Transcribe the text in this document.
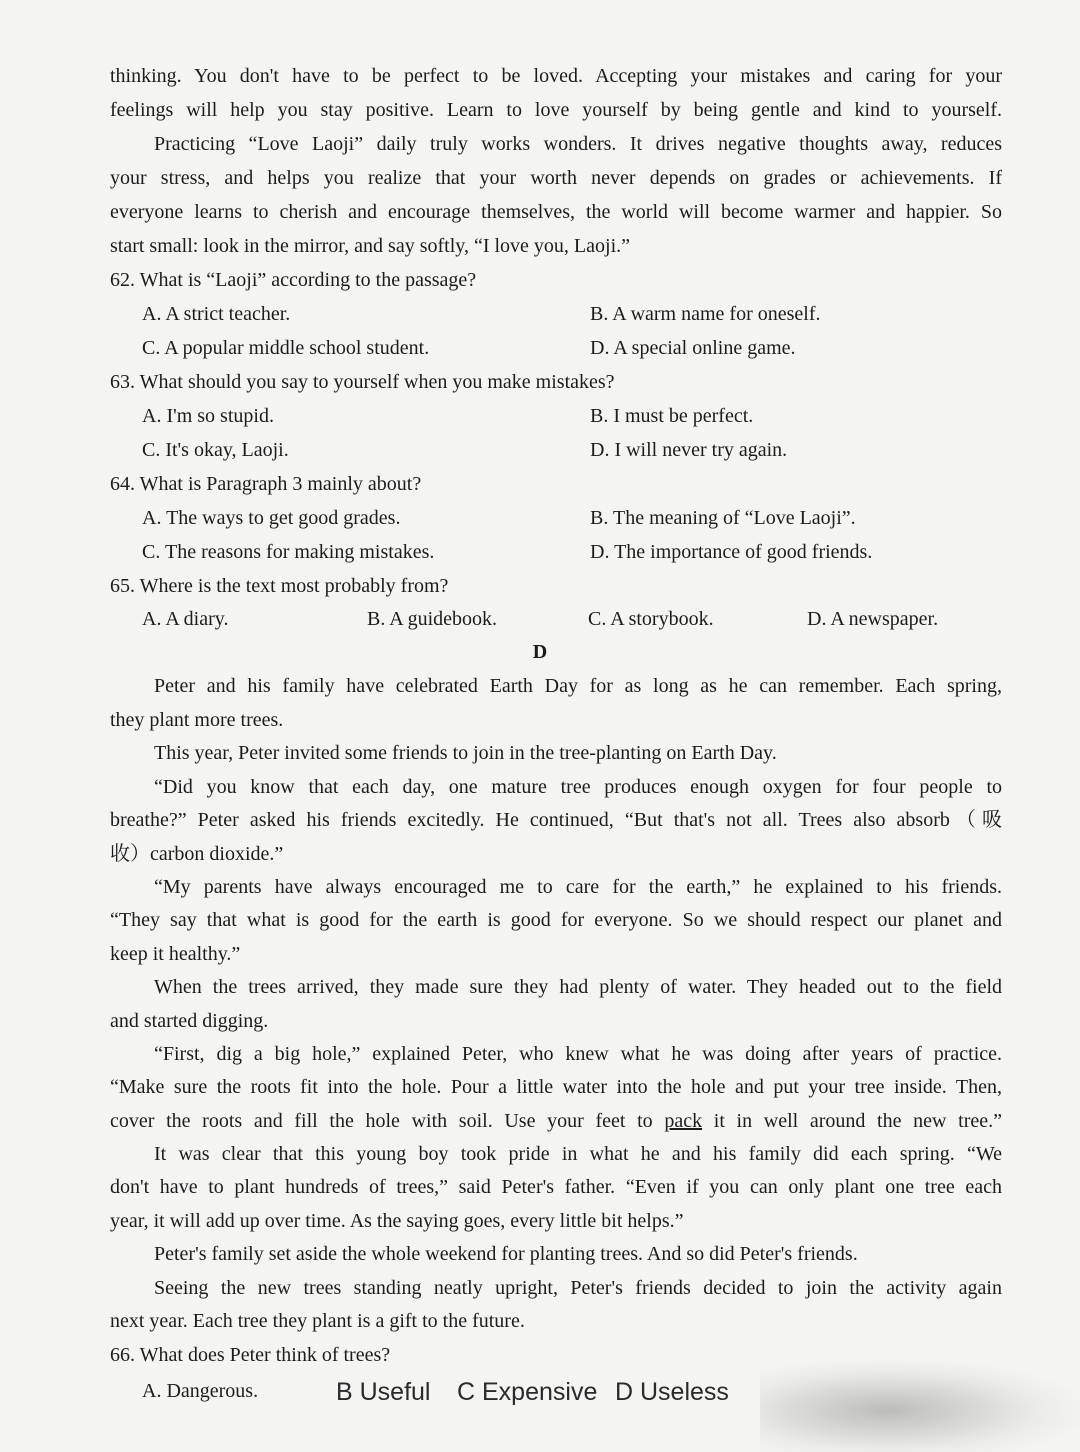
thinking. You don't have to be perfect to be loved. Accepting your mistakes and caring for your
feelings will help you stay positive. Learn to love yourself by being gentle and kind to yourself.
Practicing “Love Laoji” daily truly works wonders. It drives negative thoughts away, reduces
your stress, and helps you realize that your worth never depends on grades or achievements. If
everyone learns to cherish and encourage themselves, the world will become warmer and happier. So
start small: look in the mirror, and say softly, “I love you, Laoji.”
62. What is “Laoji” according to the passage?
A. A strict teacher.	B. A warm name for oneself.
C. A popular middle school student.	D. A special online game.
63. What should you say to yourself when you make mistakes?
A. I'm so stupid.	B. I must be perfect.
C. It's okay, Laoji.	D. I will never try again.
64. What is Paragraph 3 mainly about?
A. The ways to get good grades.	B. The meaning of “Love Laoji”.
C. The reasons for making mistakes.	D. The importance of good friends.
65. Where is the text most probably from?
A. A diary.	B. A guidebook.	C. A storybook.	D. A newspaper.
D
Peter and his family have celebrated Earth Day for as long as he can remember. Each spring,
they plant more trees.
This year, Peter invited some friends to join in the tree-planting on Earth Day.
“Did you know that each day, one mature tree produces enough oxygen for four people to
breathe?” Peter asked his friends excitedly. He continued, “But that's not all. Trees also absorb（吸
收）carbon dioxide.”
“My parents have always encouraged me to care for the earth,” he explained to his friends.
“They say that what is good for the earth is good for everyone. So we should respect our planet and
keep it healthy.”
When the trees arrived, they made sure they had plenty of water. They headed out to the field
and started digging.
“First, dig a big hole,” explained Peter, who knew what he was doing after years of practice.
“Make sure the roots fit into the hole. Pour a little water into the hole and put your tree inside. Then,
cover the roots and fill the hole with soil. Use your feet to pack it in well around the new tree.”
It was clear that this young boy took pride in what he and his family did each spring. “We
don't have to plant hundreds of trees,” said Peter's father. “Even if you can only plant one tree each
year, it will add up over time. As the saying goes, every little bit helps.”
Peter's family set aside the whole weekend for planting trees. And so did Peter's friends.
Seeing the new trees standing neatly upright, Peter's friends decided to join the activity again
next year. Each tree they plant is a gift to the future.
66. What does Peter think of trees?
A. Dangerous.	B Useful C Expensive D Useless
